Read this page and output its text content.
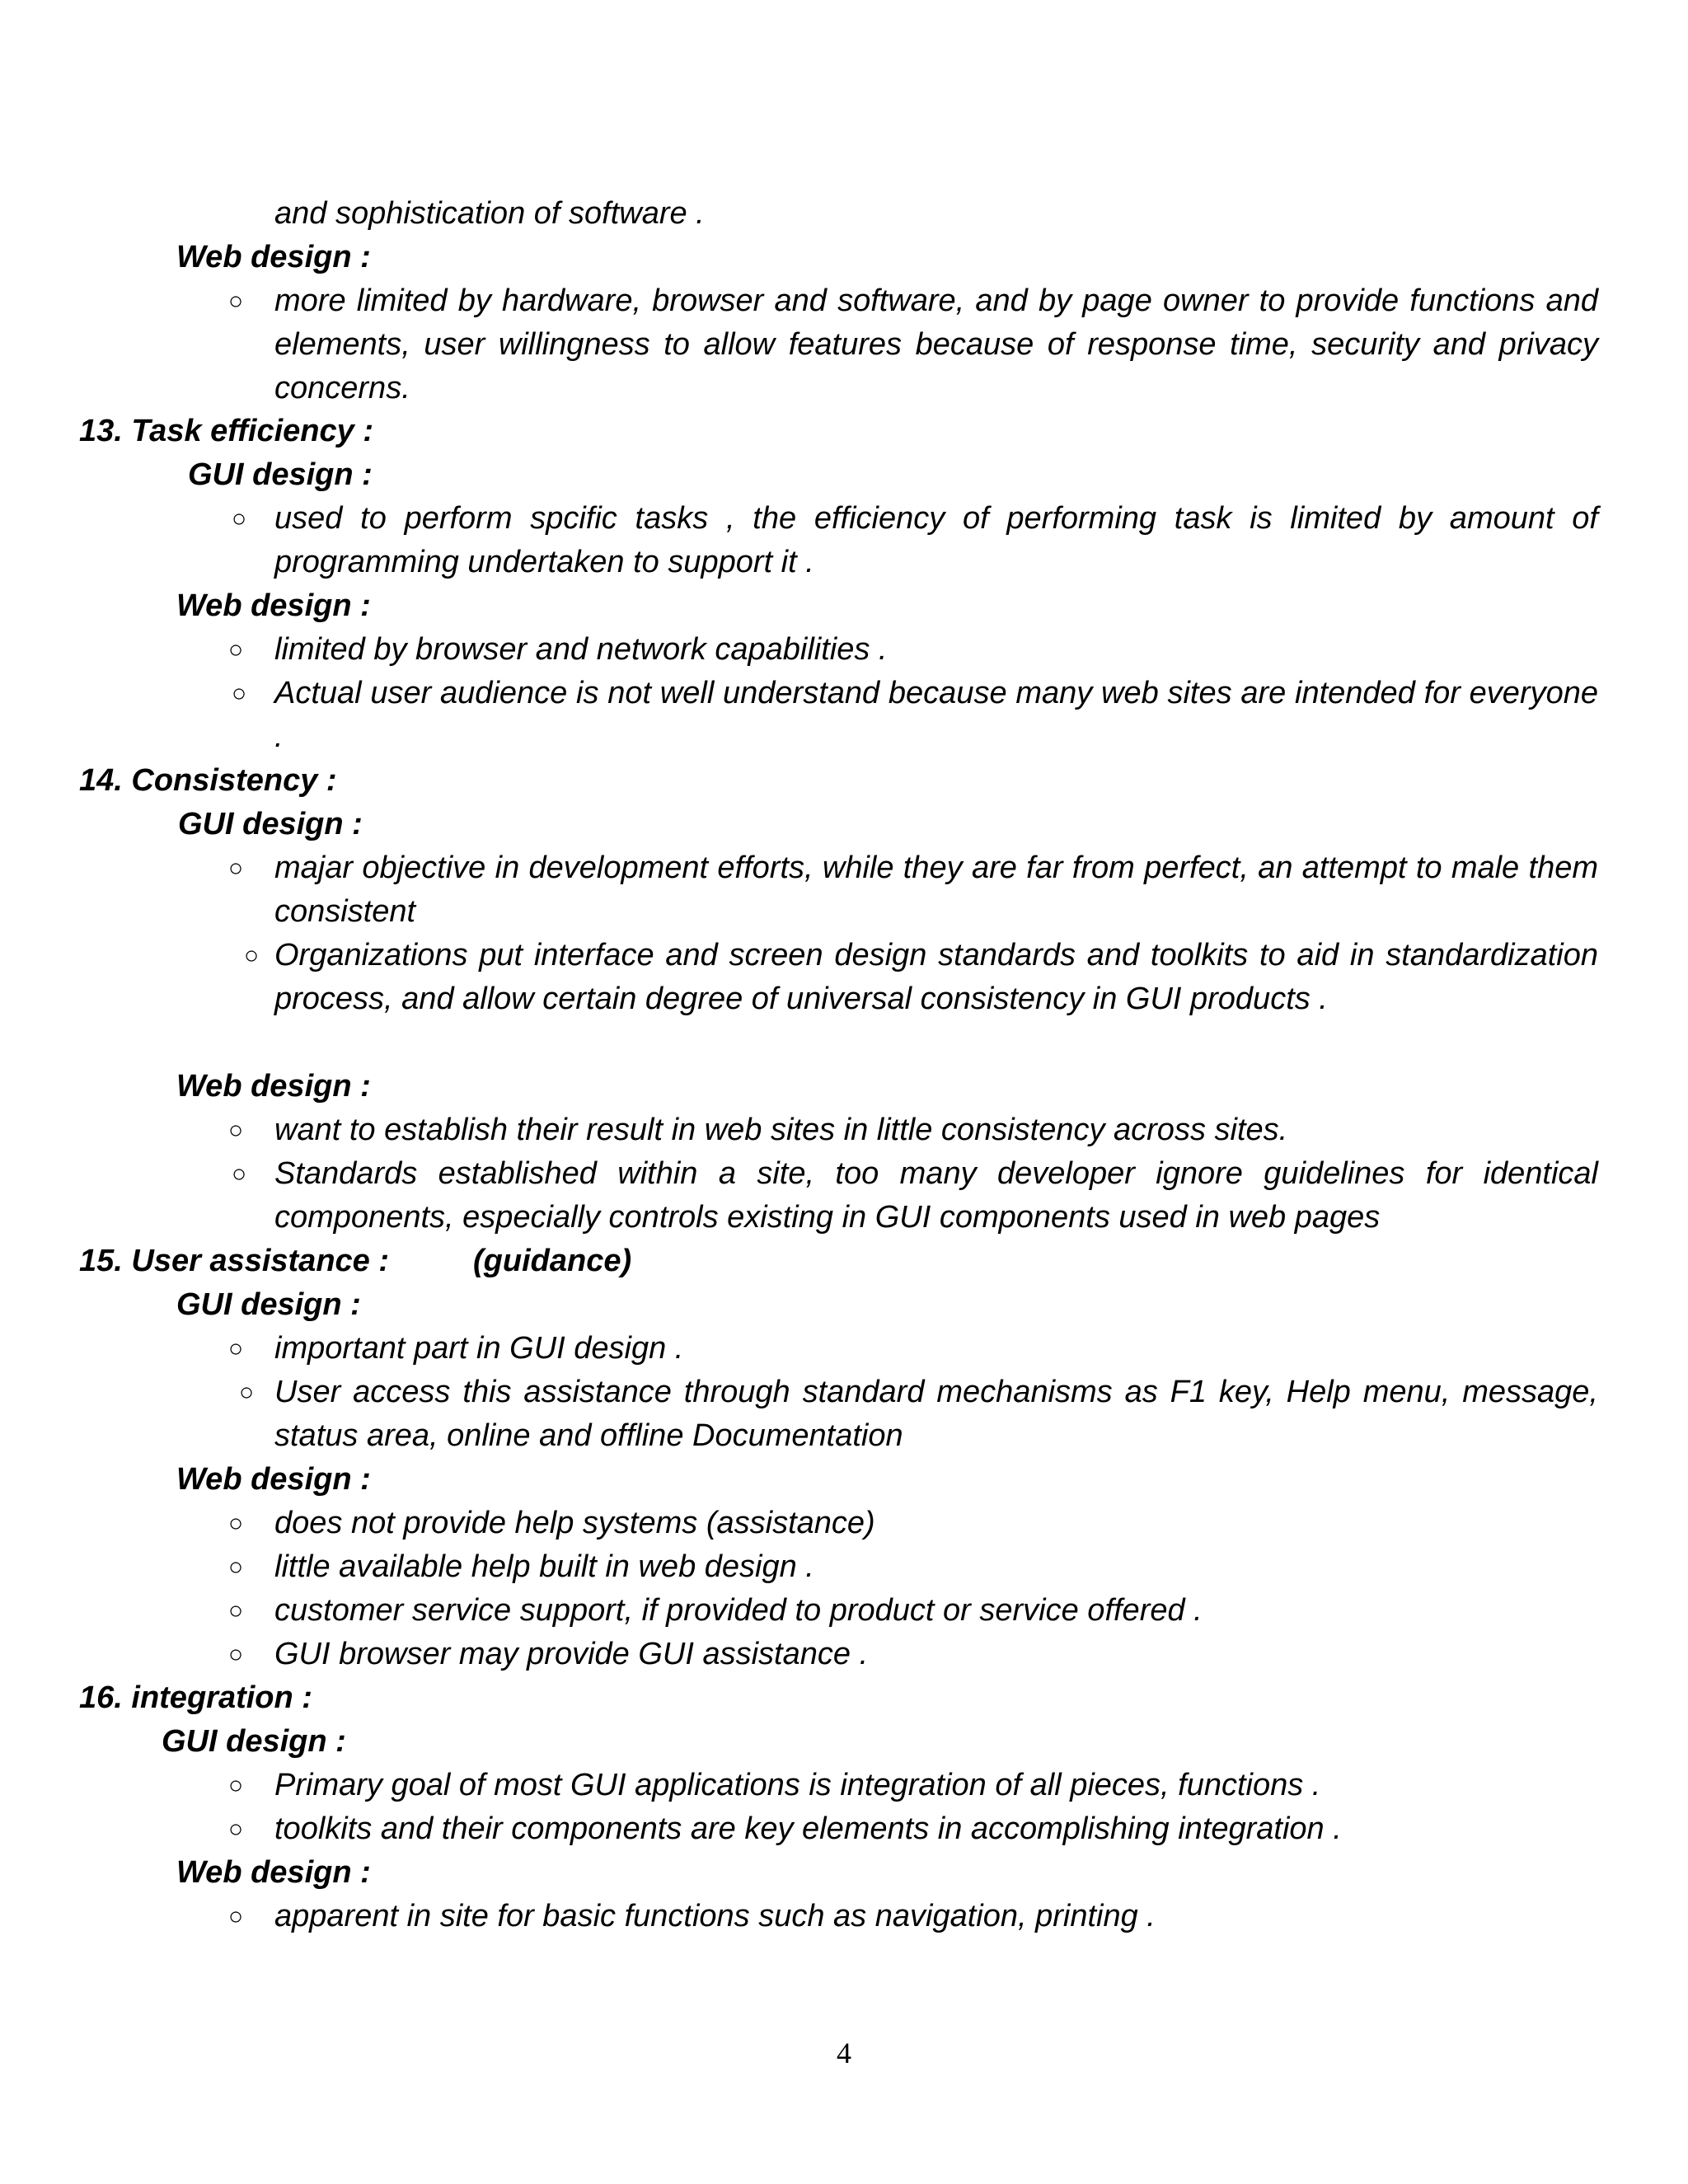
and sophistication of software .
Web design :
○ more limited by hardware, browser and software, and by page owner to provide functions and elements, user willingness to allow features because of response time, security and privacy concerns.
13. Task efficiency :
GUI design :
○ used to perform spcific tasks , the efficiency of performing task is limited by amount of programming undertaken to support it .
Web design :
○ limited by browser and network capabilities .
○ Actual user audience is not well understand because many web sites are intended for everyone .
14. Consistency :
GUI design :
○ majar objective in development efforts, while they are far from perfect, an attempt to male them consistent
○ Organizations put interface and screen design standards and toolkits to aid in standardization process, and allow certain degree of universal consistency in GUI products .
Web design :
○ want to establish their result in web sites in little consistency across sites.
○ Standards established within a site, too many developer ignore guidelines for identical components, especially controls existing in GUI components used in web pages
15. User assistance :	(guidance)
GUI design :
○ important part in GUI design .
○ User access this assistance through standard mechanisms as F1 key, Help menu, message, status area, online and offline Documentation
Web design :
○ does not provide help systems (assistance)
○ little available help built in web design .
○ customer service support, if provided to product or service offered .
○ GUI browser may provide GUI assistance .
16. integration :
GUI design :
○ Primary goal of most GUI applications is integration of all pieces, functions .
○ toolkits and their components are key elements in accomplishing integration .
Web design :
○ apparent in site for basic functions such as navigation, printing .
4
